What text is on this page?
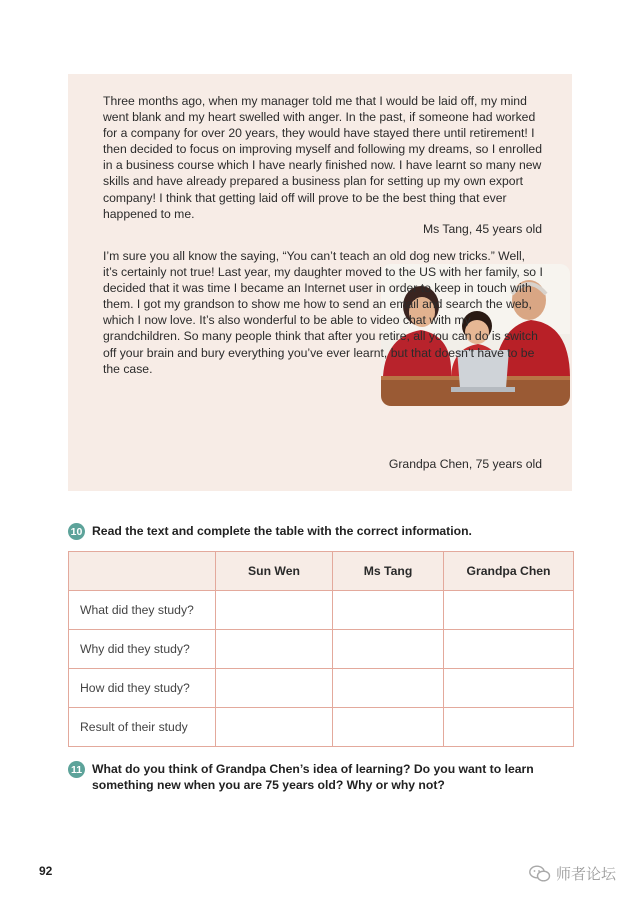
Three months ago, when my manager told me that I would be laid off, my mind went blank and my heart swelled with anger. In the past, if someone had worked for a company for over 20 years, they would have stayed there until retirement! I then decided to focus on improving myself and following my dreams, so I enrolled in a business course which I have nearly finished now. I have learnt so many new skills and have already prepared a business plan for setting up my own export company! I think that getting laid off will prove to be the best thing that ever happened to me.

Ms Tang, 45 years old

I’m sure you all know the saying, “You can’t teach an old dog new tricks.” Well, it’s certainly not true! Last year, my daughter moved to the US with her family, so I decided that it was time I became an Internet user in order to keep in touch with them. I got my grandson to show me how to send an email and search the web, which I now love. It’s also wonderful to be able to video chat with my grandchildren. So many people think that after you retire, all you can do is switch off your brain and bury everything you’ve ever learnt, but that doesn’t have to be the case.

Grandpa Chen, 75 years old
10 Read the text and complete the table with the correct information.
	Sun Wen	Ms Tang	Grandpa Chen
What did they study?			
Why did they study?			
How did they study?			
Result of their study			
11 What do you think of Grandpa Chen’s idea of learning? Do you want to learn something new when you are 75 years old? Why or why not?
92	师者论坛
